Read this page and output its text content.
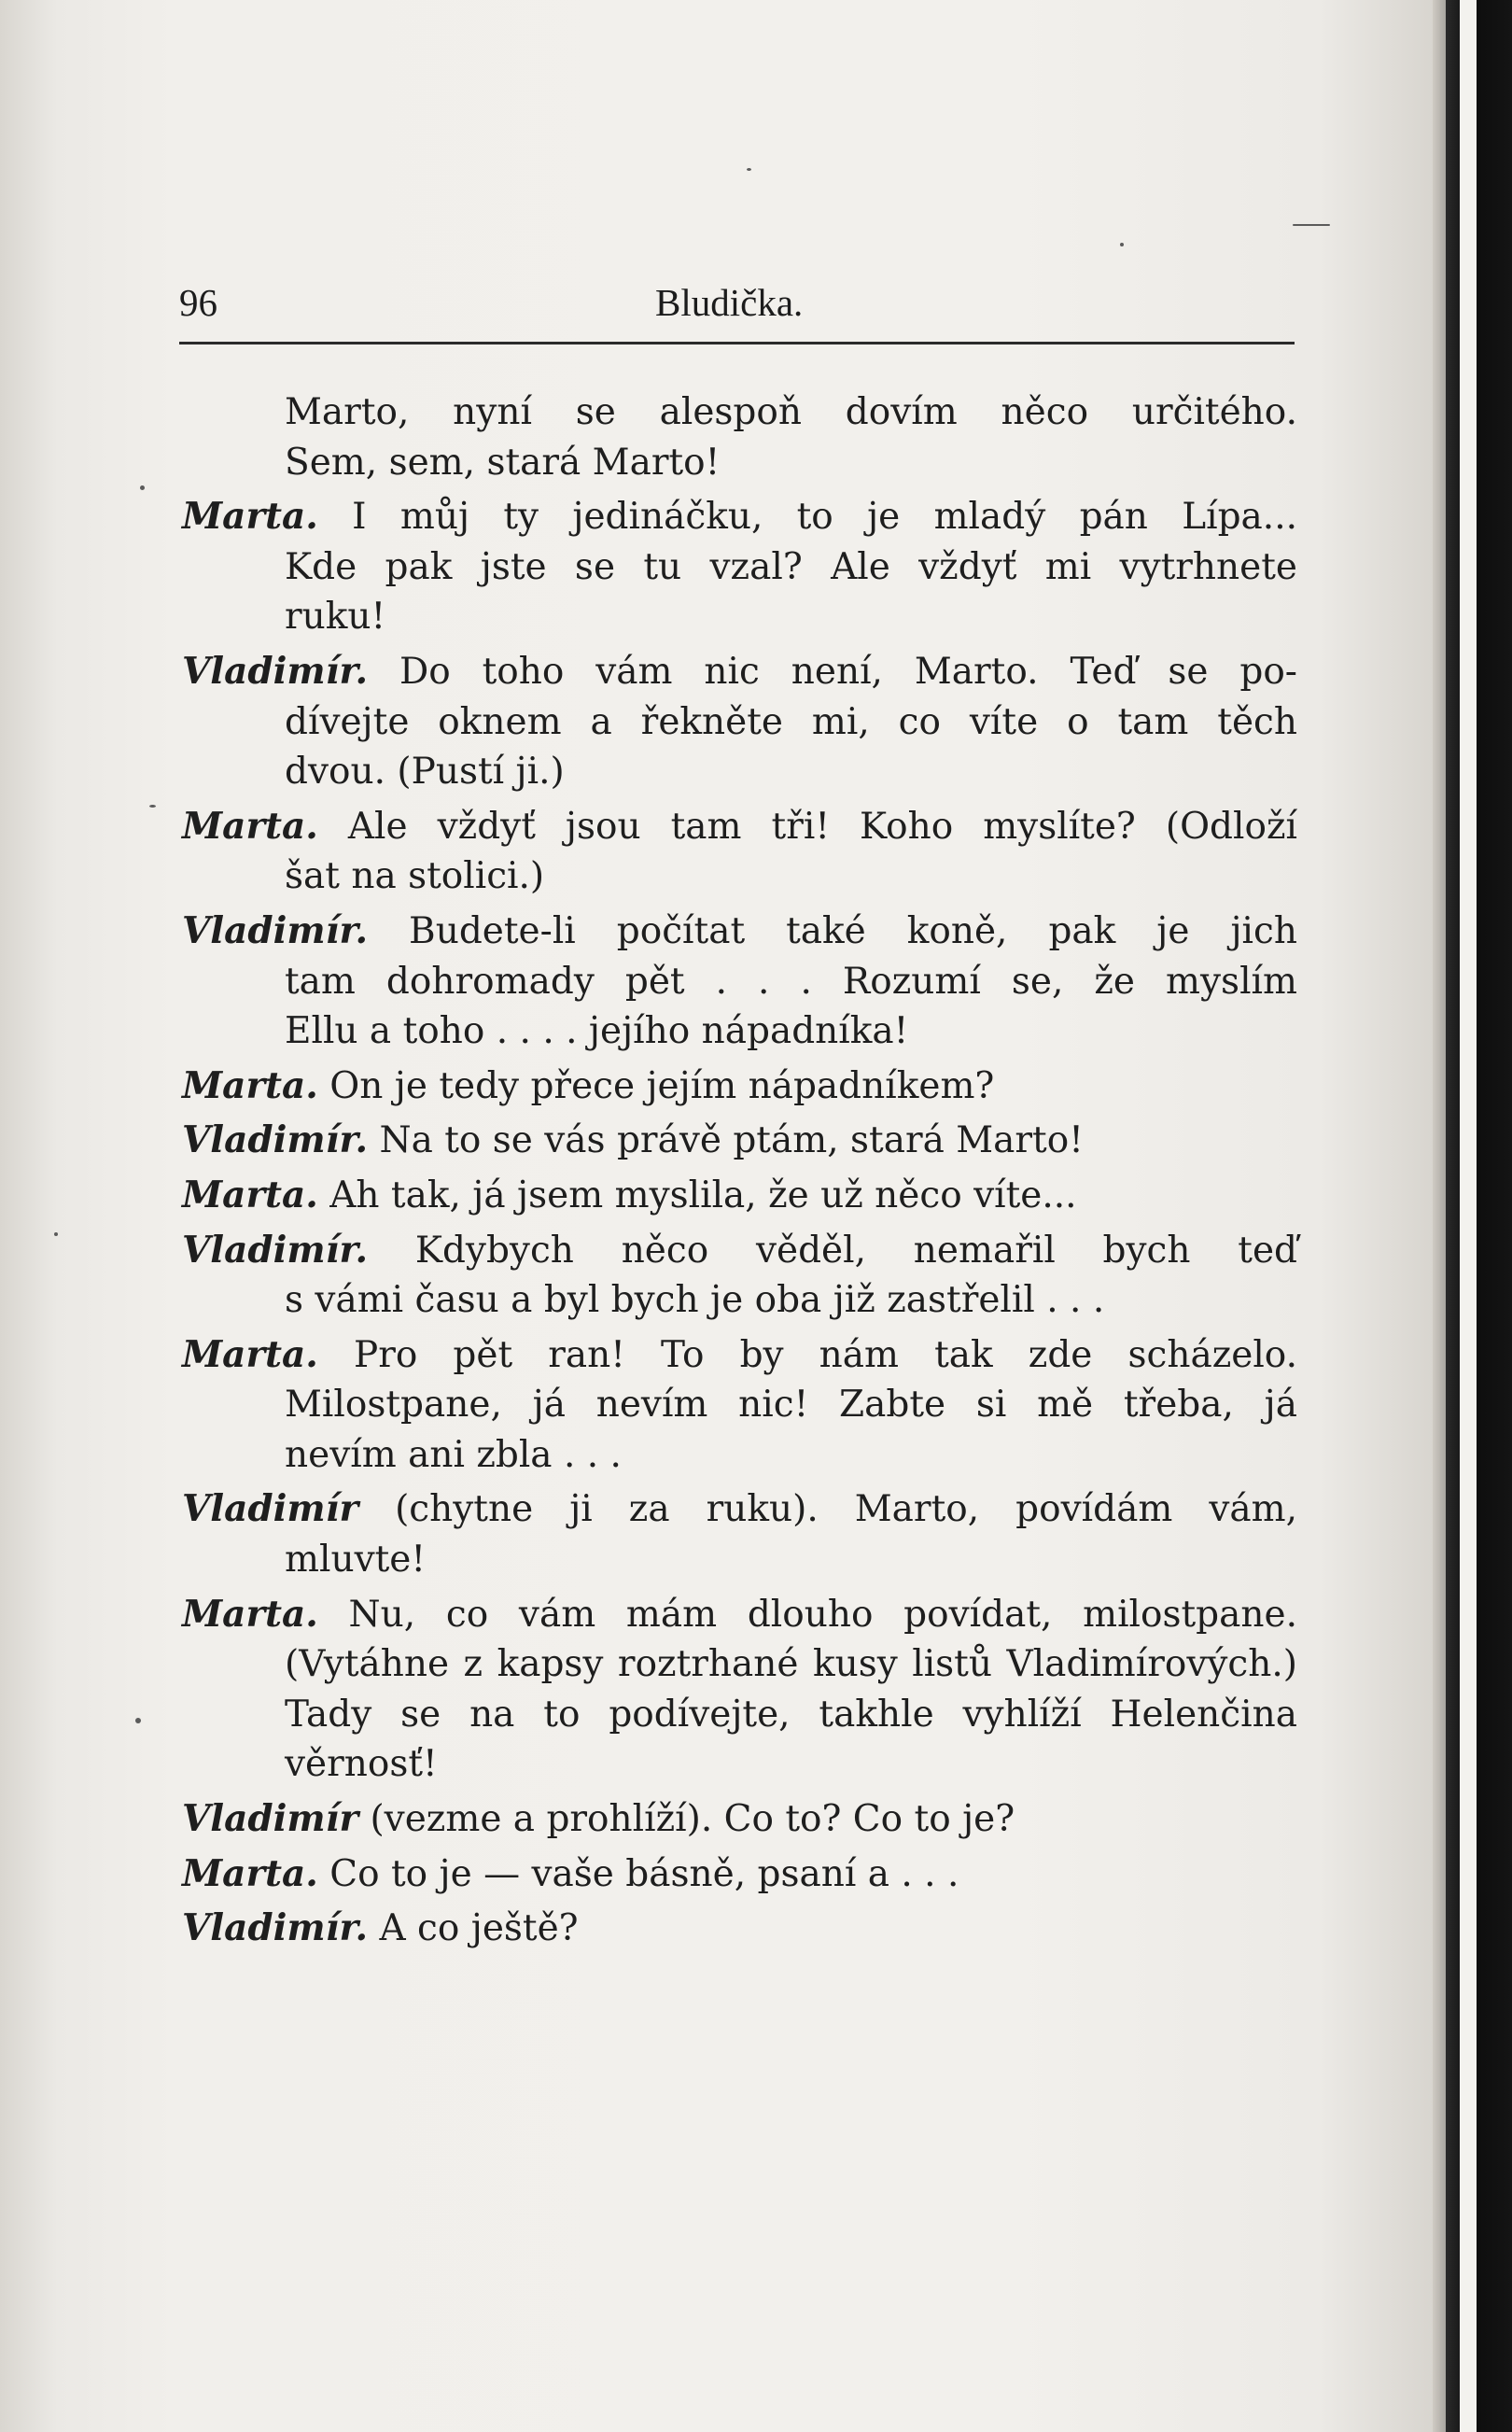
96	Bludička.
Marto, nyní se alespoň dovím něco určitého.
Sem, sem, stará Marto!
Marta. I můj ty jedináčku, to je mladý pán Lípa...
Kde pak jste se tu vzal? Ale vždyť mi vytrhnete
ruku!
Vladimír. Do toho vám nic není, Marto. Teď se po-
dívejte oknem a řekněte mi, co víte o tam těch
dvou. (Pustí ji.)
Marta. Ale vždyť jsou tam tři! Koho myslíte? (Odloží
šat na stolici.)
Vladimír. Budete-li počítat také koně, pak je jich
tam dohromady pět . . . Rozumí se, že myslím
Ellu a toho . . . . jejího nápadníka!
Marta. On je tedy přece jejím nápadníkem?
Vladimír. Na to se vás právě ptám, stará Marto!
Marta. Ah tak, já jsem myslila, že už něco víte...
Vladimír. Kdybych něco věděl, nemařil bych teď
s vámi času a byl bych je oba již zastřelil . . .
Marta. Pro pět ran! To by nám tak zde scházelo.
Milostpane, já nevím nic! Zabte si mě třeba, já
nevím ani zbla . . .
Vladimír (chytne ji za ruku). Marto, povídám vám,
mluvte!
Marta. Nu, co vám mám dlouho povídat, milostpane.
(Vytáhne z kapsy roztrhané kusy listů Vladimírových.)
Tady se na to podívejte, takhle vyhlíží Helenčina
věrnosť!
Vladimír (vezme a prohlíží). Co to? Co to je?
Marta. Co to je — vaše básně, psaní a . . .
Vladimír. A co ještě?
